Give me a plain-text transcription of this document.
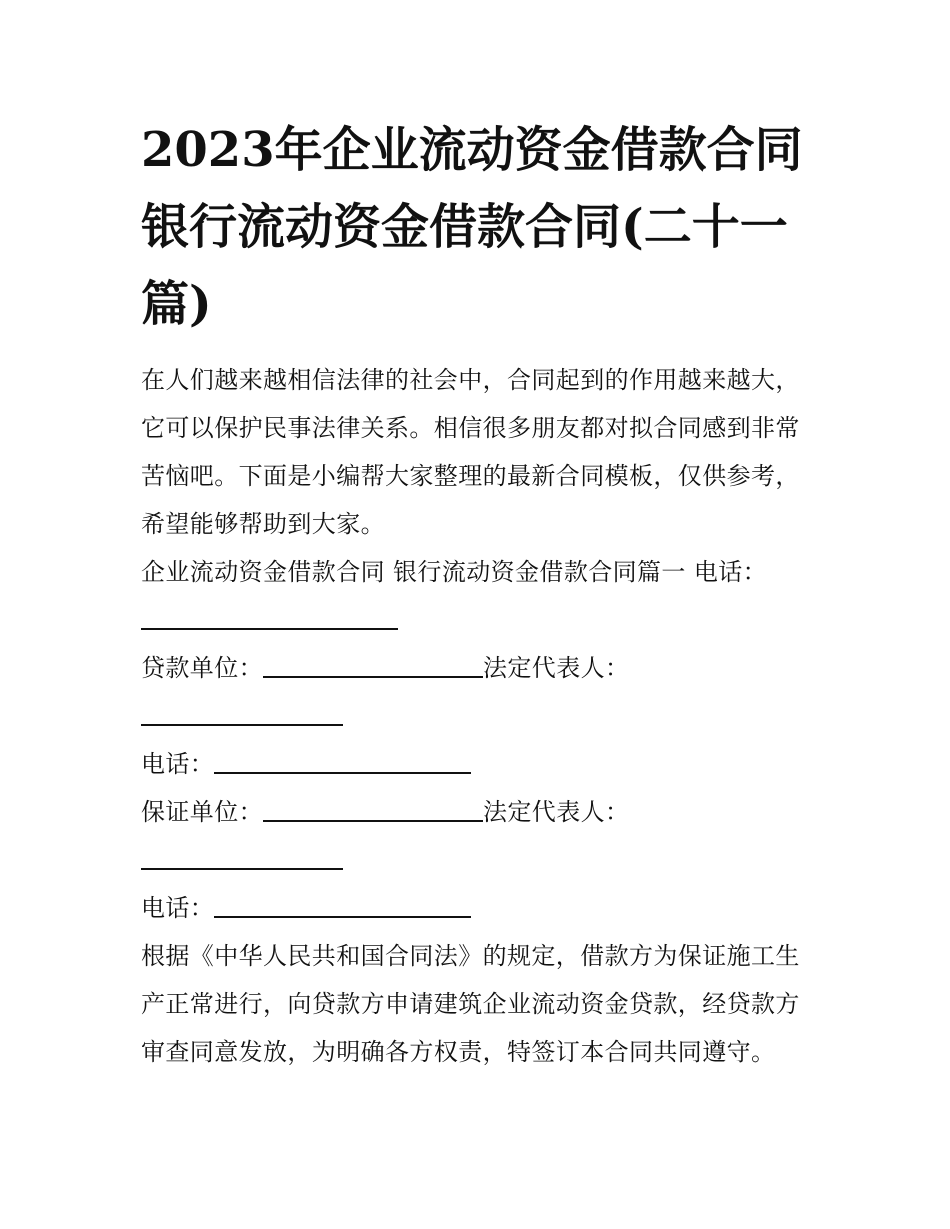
2023年企业流动资金借款合同
银行流动资金借款合同(二十一
篇)
在人们越来越相信法律的社会中，合同起到的作用越来越大，
它可以保护民事法律关系。相信很多朋友都对拟合同感到非常
苦恼吧。下面是小编帮大家整理的最新合同模板，仅供参考，
希望能够帮助到大家。
企业流动资金借款合同 银行流动资金借款合同篇一 电话：
贷款单位：	法定代表人：
电话：
保证单位：	法定代表人：
电话：
根据《中华人民共和国合同法》的规定，借款方为保证施工生
产正常进行，向贷款方申请建筑企业流动资金贷款，经贷款方
审查同意发放，为明确各方权责，特签订本合同共同遵守。
